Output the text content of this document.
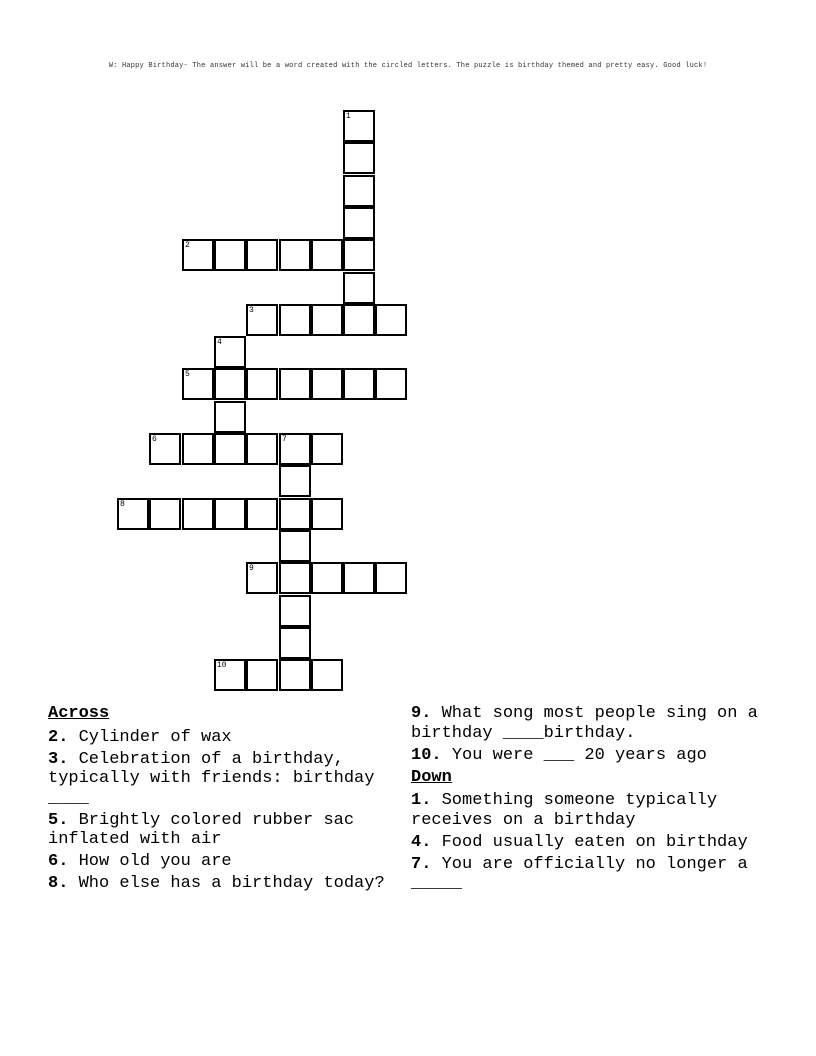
W: Happy Birthday- The answer will be a word created with the circled letters. The puzzle is birthday themed and pretty easy. Good luck!
1
2
3
4
5
6	7
8
9
10
Across
2. Cylinder of wax
3. Celebration of a birthday, typically with friends: birthday ____
5. Brightly colored rubber sac inflated with air
6. How old you are
8. Who else has a birthday today?
9. What song most people sing on a birthday ____birthday.
10. You were ___ 20 years ago
Down
1. Something someone typically receives on a birthday
4. Food usually eaten on birthday
7. You are officially no longer a _____
